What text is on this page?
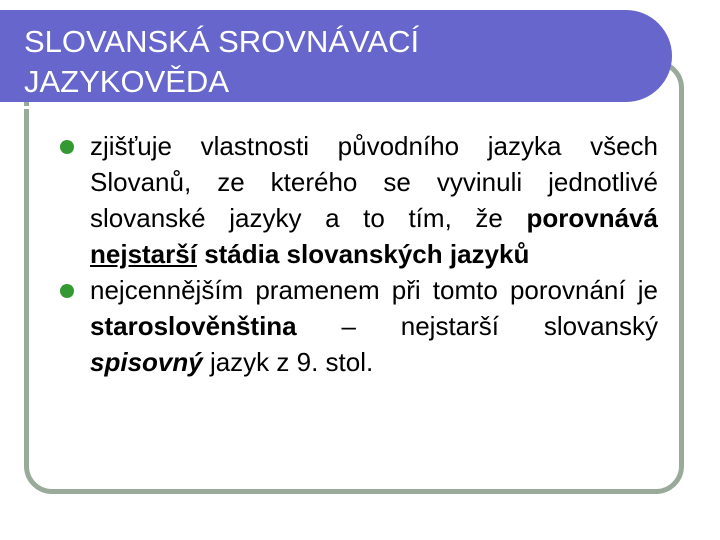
SLOVANSKÁ SROVNÁVACÍ
JAZYKOVĚDA
zjišťuje vlastnosti původního jazyka všech Slovanů, ze kterého se vyvinuli jednotlivé slovanské jazyky a to tím, že porovnává nejstarší stádia slovanských jazyků
nejcennějším pramenem při tomto porovnání je staroslověnština – nejstarší slovanský spisovný jazyk z 9. stol.
